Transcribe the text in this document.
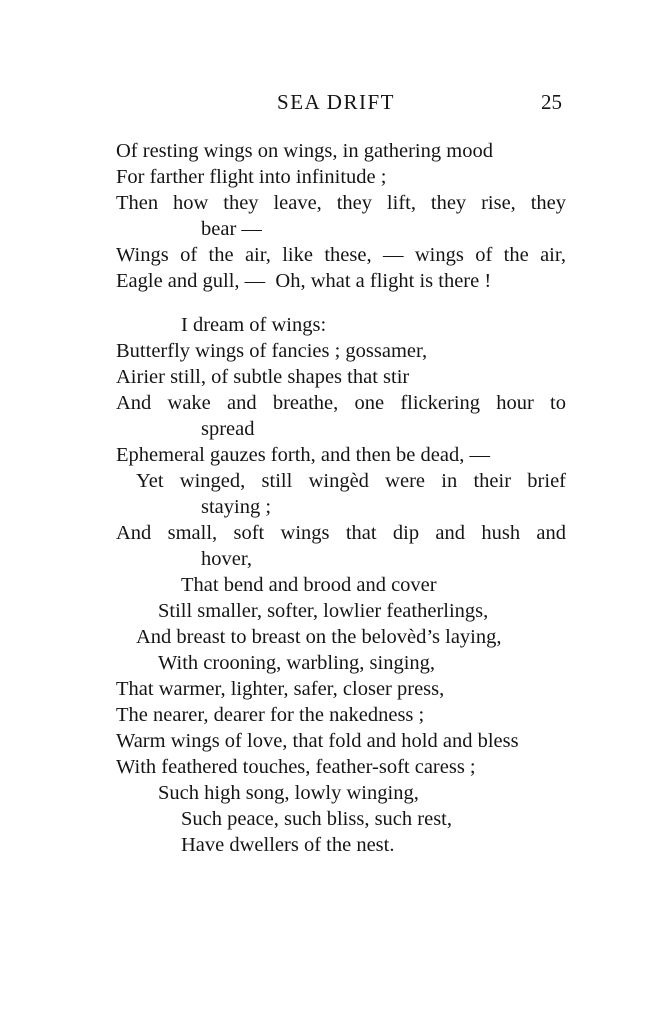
SEA DRIFT	25
Of resting wings on wings, in gathering mood
For farther flight into infinitude ;
Then how they leave, they lift, they rise, they
bear —
Wings of the air, like these, — wings of the air,
Eagle and gull, —  Oh, what a flight is there !
I dream of wings:
Butterfly wings of fancies ; gossamer,
Airier still, of subtle shapes that stir
And wake and breathe, one flickering hour to
spread
Ephemeral gauzes forth, and then be dead, —
Yet winged, still wingèd were in their brief
staying ;
And small, soft wings that dip and hush and
hover,
That bend and brood and cover
Still smaller, softer, lowlier featherlings,
And breast to breast on the belovèd’s laying,
With crooning, warbling, singing,
That warmer, lighter, safer, closer press,
The nearer, dearer for the nakedness ;
Warm wings of love, that fold and hold and bless
With feathered touches, feather-soft caress ;
Such high song, lowly winging,
Such peace, such bliss, such rest,
Have dwellers of the nest.
